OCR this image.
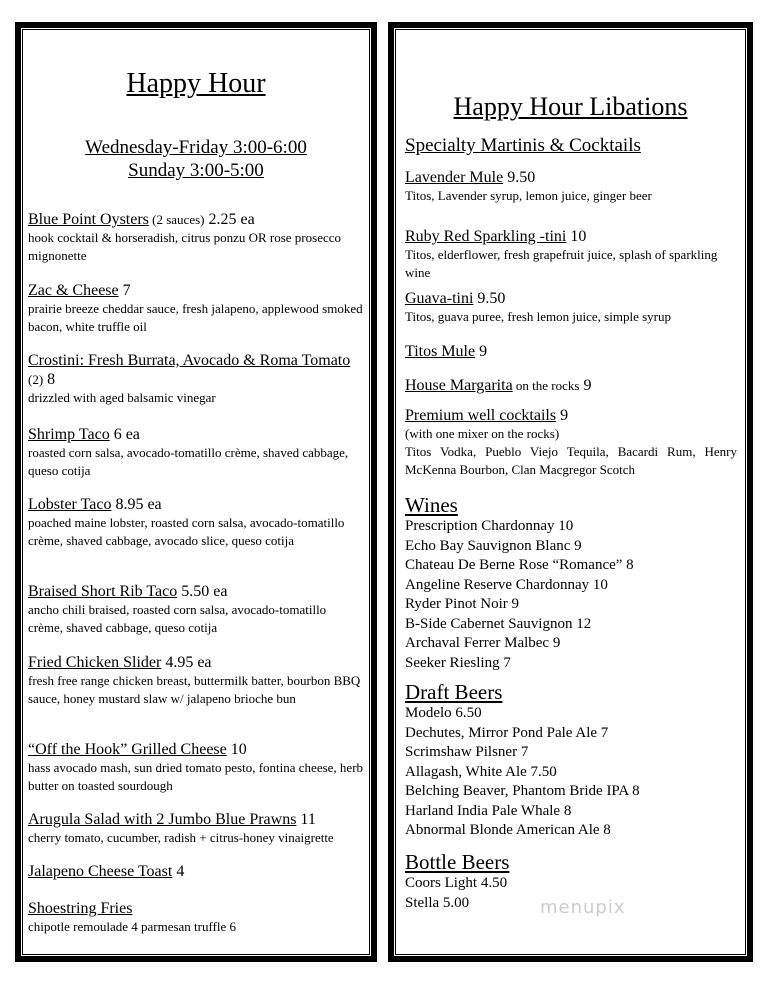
Happy Hour
Wednesday-Friday 3:00-6:00
Sunday 3:00-5:00
Blue Point Oysters (2 sauces) 2.25 ea
hook cocktail & horseradish, citrus ponzu OR rose prosecco mignonette
Zac & Cheese 7
prairie breeze cheddar sauce, fresh jalapeno, applewood smoked bacon, white truffle oil
Crostini: Fresh Burrata, Avocado & Roma Tomato (2) 8
drizzled with aged balsamic vinegar
Shrimp Taco 6 ea
roasted corn salsa, avocado-tomatillo crème, shaved cabbage, queso cotija
Lobster Taco 8.95 ea
poached maine lobster, roasted corn salsa, avocado-tomatillo crème, shaved cabbage, avocado slice, queso cotija
Braised Short Rib Taco 5.50 ea
ancho chili braised, roasted corn salsa, avocado-tomatillo crème, shaved cabbage, queso cotija
Fried Chicken Slider 4.95 ea
fresh free range chicken breast, buttermilk batter, bourbon BBQ sauce, honey mustard slaw w/ jalapeno brioche bun
“Off the Hook” Grilled Cheese 10
hass avocado mash, sun dried tomato pesto, fontina cheese, herb butter on toasted sourdough
Arugula Salad with 2 Jumbo Blue Prawns 11
cherry tomato, cucumber, radish + citrus-honey vinaigrette
Jalapeno Cheese Toast 4
Shoestring Fries
chipotle remoulade 4 parmesan truffle 6
Happy Hour Libations
Specialty Martinis & Cocktails
Lavender Mule 9.50
Titos, Lavender syrup, lemon juice, ginger beer
Ruby Red Sparkling -tini 10
Titos, elderflower, fresh grapefruit juice, splash of sparkling wine
Guava-tini 9.50
Titos, guava puree, fresh lemon juice, simple syrup
Titos Mule 9
House Margarita on the rocks 9
Premium well cocktails 9
(with one mixer on the rocks)
Titos Vodka, Pueblo Viejo Tequila, Bacardi Rum, Henry McKenna Bourbon, Clan Macgregor Scotch
Wines
Prescription Chardonnay 10
Echo Bay Sauvignon Blanc 9
Chateau De Berne Rose “Romance” 8
Angeline Reserve Chardonnay 10
Ryder Pinot Noir 9
B-Side Cabernet Sauvignon 12
Archaval Ferrer Malbec 9
Seeker Riesling 7
Draft Beers
Modelo 6.50
Dechutes, Mirror Pond Pale Ale 7
Scrimshaw Pilsner 7
Allagash, White Ale 7.50
Belching Beaver, Phantom Bride IPA 8
Harland India Pale Whale 8
Abnormal Blonde American Ale 8
Bottle Beers
Coors Light 4.50
Stella 5.00	menupix
